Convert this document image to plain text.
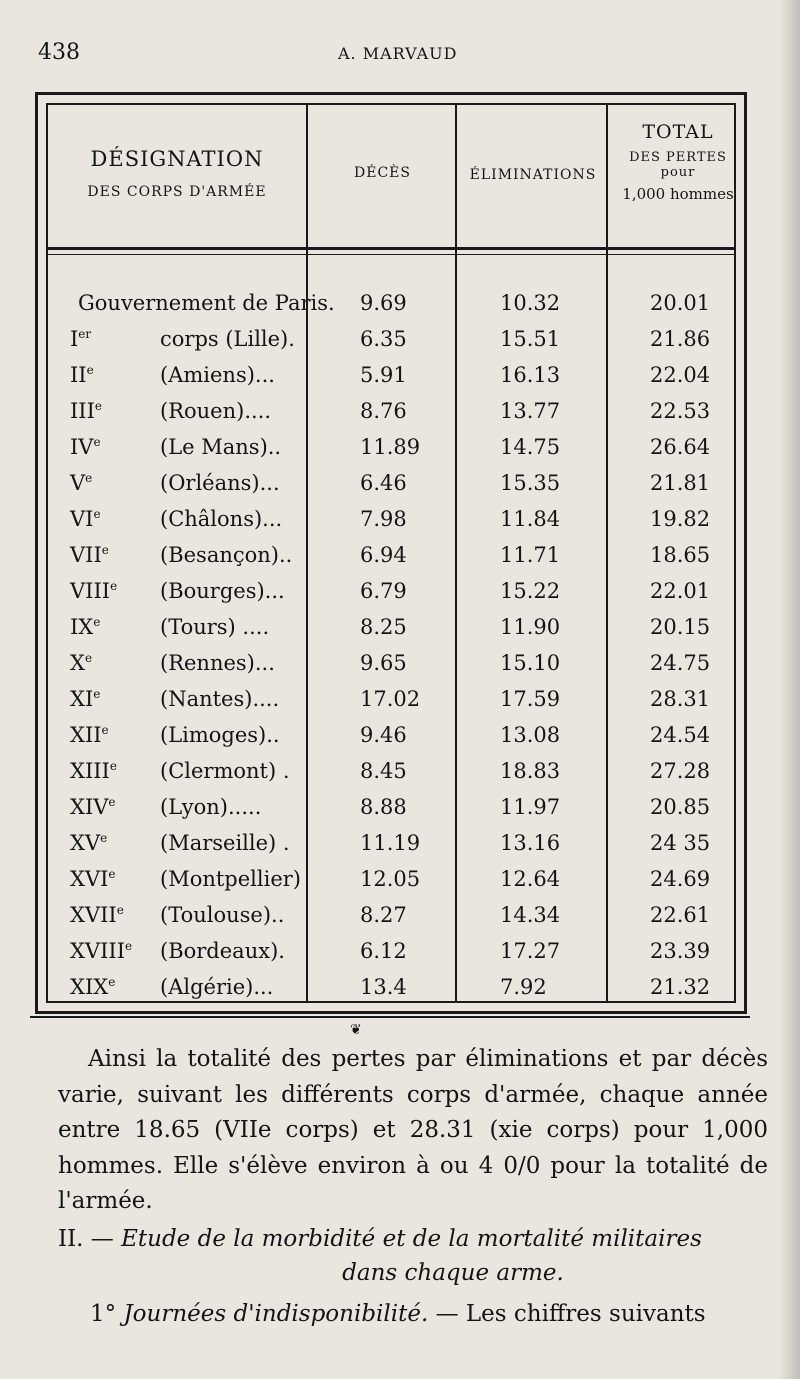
438	A. MARVAUD
DÉSIGNATION
DES CORPS D'ARMÉE
DÉCÈS	ÉLIMINATIONS
TOTAL
DES PERTES
pour
1,000 hommes
Gouvernement de Paris. 9.69	10.32	20.01
Ier	corps (Lille).	6.35	15.51	21.86
IIe	(Amiens)...	5.91	16.13	22.04
IIIe	(Rouen)....	8.76	13.77	22.53
IVe	(Le Mans)..	11.89	14.75	26.64
Ve	(Orléans)...	6.46	15.35	21.81
VIe	(Châlons)...	7.98	11.84	19.82
VIIe (Besançon)..	6.94	11.71	18.65
VIIIe (Bourges)...	6.79	15.22	22.01
IXe	(Tours) ....	8.25	11.90	20.15
Xe	(Rennes)...	9.65	15.10	24.75
XIe	(Nantes)....	17.02	17.59	28.31
XIIe (Limoges)..	9.46	13.08	24.54
XIIIe (Clermont) .	8.45	18.83	27.28
XIVe (Lyon).....	8.88	11.97	20.85
XVe	(Marseille) .	11.19	13.16	24 35
XVIe (Montpellier)	12.05	12.64	24.69
XVIIe (Toulouse)..	8.27	14.34	22.61
XVIIIe (Bordeaux).	6.12	17.27	23.39
XIXe (Algérie)...	13.4	7.92	21.32
❦

Ainsi la totalité des pertes par éliminations et par décès varie, suivant les différents corps d'armée, chaque année entre 18.65 (VIIe corps) et 28.31 (xie corps) pour 1,000 hommes. Elle s'élève environ à ou 4 0/0 pour la totalité de l'armée.

II. — Etude de la morbidité et de la mortalité militaires
dans chaque arme.
1° Journées d'indisponibilité. — Les chiffres suivants
